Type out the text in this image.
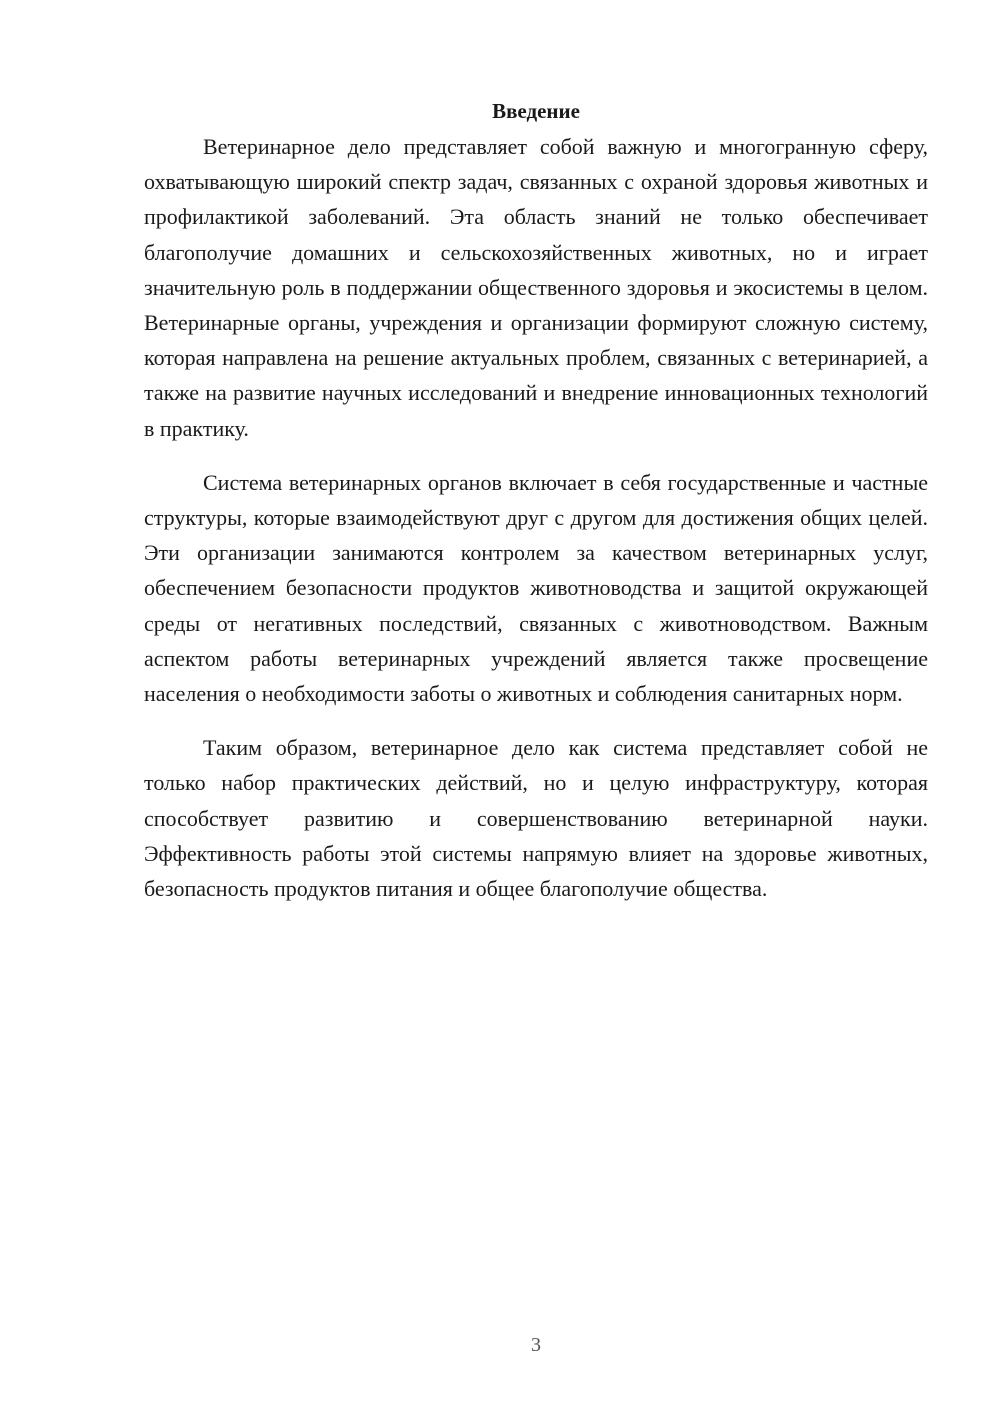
Введение

Ветеринарное дело представляет собой важную и многогранную сферу, охватывающую широкий спектр задач, связанных с охраной здоровья животных и профилактикой заболеваний. Эта область знаний не только обеспечивает благополучие домашних и сельскохозяйственных животных, но и играет значительную роль в поддержании общественного здоровья и экосистемы в целом. Ветеринарные органы, учреждения и организации формируют сложную систему, которая направлена на решение актуальных проблем, связанных с ветеринарией, а также на развитие научных исследований и внедрение инновационных технологий в практику.

Система ветеринарных органов включает в себя государственные и частные структуры, которые взаимодействуют друг с другом для достижения общих целей. Эти организации занимаются контролем за качеством ветеринарных услуг, обеспечением безопасности продуктов животноводства и защитой окружающей среды от негативных последствий, связанных с животноводством. Важным аспектом работы ветеринарных учреждений является также просвещение населения о необходимости заботы о животных и соблюдения санитарных норм.

Таким образом, ветеринарное дело как система представляет собой не только набор практических действий, но и целую инфраструктуру, которая способствует развитию и совершенствованию ветеринарной науки. Эффективность работы этой системы напрямую влияет на здоровье животных, безопасность продуктов питания и общее благополучие общества.

3
